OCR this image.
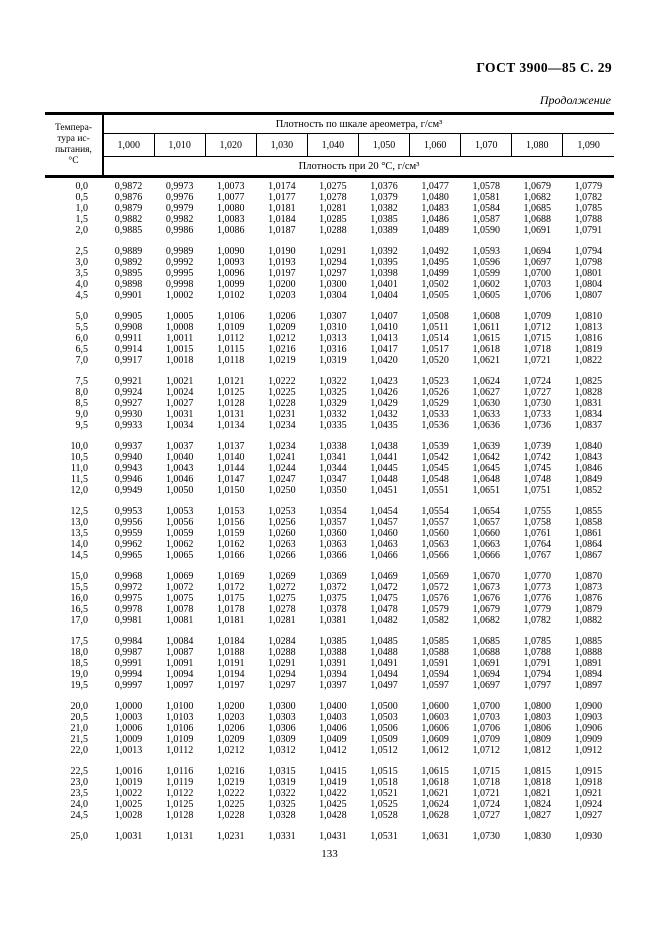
ГОСТ 3900—85 С. 29
Продолжение
Темпера-
тура ис-
пытания,
°С	Плотность по шкале ареометра, г/см³									
	1,000	1,010	1,020	1,030	1,040	1,050	1,060	1,070	1,080	1,090
	Плотность при 20 °С, г/см³									
0,0	0,9872	0,9973	1,0073	1,0174	1,0275	1,0376	1,0477	1,0578	1,0679	1,0779
0,5	0,9876	0,9976	1,0077	1,0177	1,0278	1,0379	1,0480	1,0581	1,0682	1,0782
1,0	0,9879	0,9979	1,0080	1,0181	1,0281	1,0382	1,0483	1,0584	1,0685	1,0785
1,5	0,9882	0,9982	1,0083	1,0184	1,0285	1,0385	1,0486	1,0587	1,0688	1,0788
2,0	0,9885	0,9986	1,0086	1,0187	1,0288	1,0389	1,0489	1,0590	1,0691	1,0791

2,5	0,9889	0,9989	1,0090	1,0190	1,0291	1,0392	1,0492	1,0593	1,0694	1,0794
3,0	0,9892	0,9992	1,0093	1,0193	1,0294	1,0395	1,0495	1,0596	1,0697	1,0798
3,5	0,9895	0,9995	1,0096	1,0197	1,0297	1,0398	1,0499	1,0599	1,0700	1,0801
4,0	0,9898	0,9998	1,0099	1,0200	1,0300	1,0401	1,0502	1,0602	1,0703	1,0804
4,5	0,9901	1,0002	1,0102	1,0203	1,0304	1,0404	1,0505	1,0605	1,0706	1,0807

5,0	0,9905	1,0005	1,0106	1,0206	1,0307	1,0407	1,0508	1,0608	1,0709	1,0810
5,5	0,9908	1,0008	1,0109	1,0209	1,0310	1,0410	1,0511	1,0611	1,0712	1,0813
6,0	0,9911	1,0011	1,0112	1,0212	1,0313	1,0413	1,0514	1,0615	1,0715	1,0816
6,5	0,9914	1,0015	1,0115	1,0216	1,0316	1,0417	1,0517	1,0618	1,0718	1,0819
7,0	0,9917	1,0018	1,0118	1,0219	1,0319	1,0420	1,0520	1,0621	1,0721	1,0822

7,5	0,9921	1,0021	1,0121	1,0222	1,0322	1,0423	1,0523	1,0624	1,0724	1,0825
8,0	0,9924	1,0024	1,0125	1,0225	1,0325	1,0426	1,0526	1,0627	1,0727	1,0828
8,5	0,9927	1,0027	1,0128	1,0228	1,0329	1,0429	1,0529	1,0630	1,0730	1,0831
9,0	0,9930	1,0031	1,0131	1,0231	1,0332	1,0432	1,0533	1,0633	1,0733	1,0834
9,5	0,9933	1,0034	1,0134	1,0234	1,0335	1,0435	1,0536	1,0636	1,0736	1,0837

10,0	0,9937	1,0037	1,0137	1,0234	1,0338	1,0438	1,0539	1,0639	1,0739	1,0840
10,5	0,9940	1,0040	1,0140	1,0241	1,0341	1,0441	1,0542	1,0642	1,0742	1,0843
11,0	0,9943	1,0043	1,0144	1,0244	1,0344	1,0445	1,0545	1,0645	1,0745	1,0846
11,5	0,9946	1,0046	1,0147	1,0247	1,0347	1,0448	1,0548	1,0648	1,0748	1,0849
12,0	0,9949	1,0050	1,0150	1,0250	1,0350	1,0451	1,0551	1,0651	1,0751	1,0852

12,5	0,9953	1,0053	1,0153	1,0253	1,0354	1,0454	1,0554	1,0654	1,0755	1,0855
13,0	0,9956	1,0056	1,0156	1,0256	1,0357	1,0457	1,0557	1,0657	1,0758	1,0858
13,5	0,9959	1,0059	1,0159	1,0260	1,0360	1,0460	1,0560	1,0660	1,0761	1,0861
14,0	0,9962	1,0062	1,0162	1,0263	1,0363	1,0463	1,0563	1,0663	1,0764	1,0864
14,5	0,9965	1,0065	1,0166	1,0266	1,0366	1,0466	1,0566	1,0666	1,0767	1,0867

15,0	0,9968	1,0069	1,0169	1,0269	1,0369	1,0469	1,0569	1,0670	1,0770	1,0870
15,5	0,9972	1,0072	1,0172	1,0272	1,0372	1,0472	1,0572	1,0673	1,0773	1,0873
16,0	0,9975	1,0075	1,0175	1,0275	1,0375	1,0475	1,0576	1,0676	1,0776	1,0876
16,5	0,9978	1,0078	1,0178	1,0278	1,0378	1,0478	1,0579	1,0679	1,0779	1,0879
17,0	0,9981	1,0081	1,0181	1,0281	1,0381	1,0482	1,0582	1,0682	1,0782	1,0882

17,5	0,9984	1,0084	1,0184	1,0284	1,0385	1,0485	1,0585	1,0685	1,0785	1,0885
18,0	0,9987	1,0087	1,0188	1,0288	1,0388	1,0488	1,0588	1,0688	1,0788	1,0888
18,5	0,9991	1,0091	1,0191	1,0291	1,0391	1,0491	1,0591	1,0691	1,0791	1,0891
19,0	0,9994	1,0094	1,0194	1,0294	1,0394	1,0494	1,0594	1,0694	1,0794	1,0894
19,5	0,9997	1,0097	1,0197	1,0297	1,0397	1,0497	1,0597	1,0697	1,0797	1,0897

20,0	1,0000	1,0100	1,0200	1,0300	1,0400	1,0500	1,0600	1,0700	1,0800	1,0900
20,5	1,0003	1,0103	1,0203	1,0303	1,0403	1,0503	1,0603	1,0703	1,0803	1,0903
21,0	1,0006	1,0106	1,0206	1,0306	1,0406	1,0506	1,0606	1,0706	1,0806	1,0906
21,5	1,0009	1,0109	1,0209	1,0309	1,0409	1,0509	1,0609	1,0709	1,0809	1,0909
22,0	1,0013	1,0112	1,0212	1,0312	1,0412	1,0512	1,0612	1,0712	1,0812	1,0912

22,5	1,0016	1,0116	1,0216	1,0315	1,0415	1,0515	1,0615	1,0715	1,0815	1,0915
23,0	1,0019	1,0119	1,0219	1,0319	1,0419	1,0518	1,0618	1,0718	1,0818	1,0918
23,5	1,0022	1,0122	1,0222	1,0322	1,0422	1,0521	1,0621	1,0721	1,0821	1,0921
24,0	1,0025	1,0125	1,0225	1,0325	1,0425	1,0525	1,0624	1,0724	1,0824	1,0924
24,5	1,0028	1,0128	1,0228	1,0328	1,0428	1,0528	1,0628	1,0727	1,0827	1,0927

25,0	1,0031	1,0131	1,0231	1,0331	1,0431	1,0531	1,0631	1,0730	1,0830	1,0930
133
